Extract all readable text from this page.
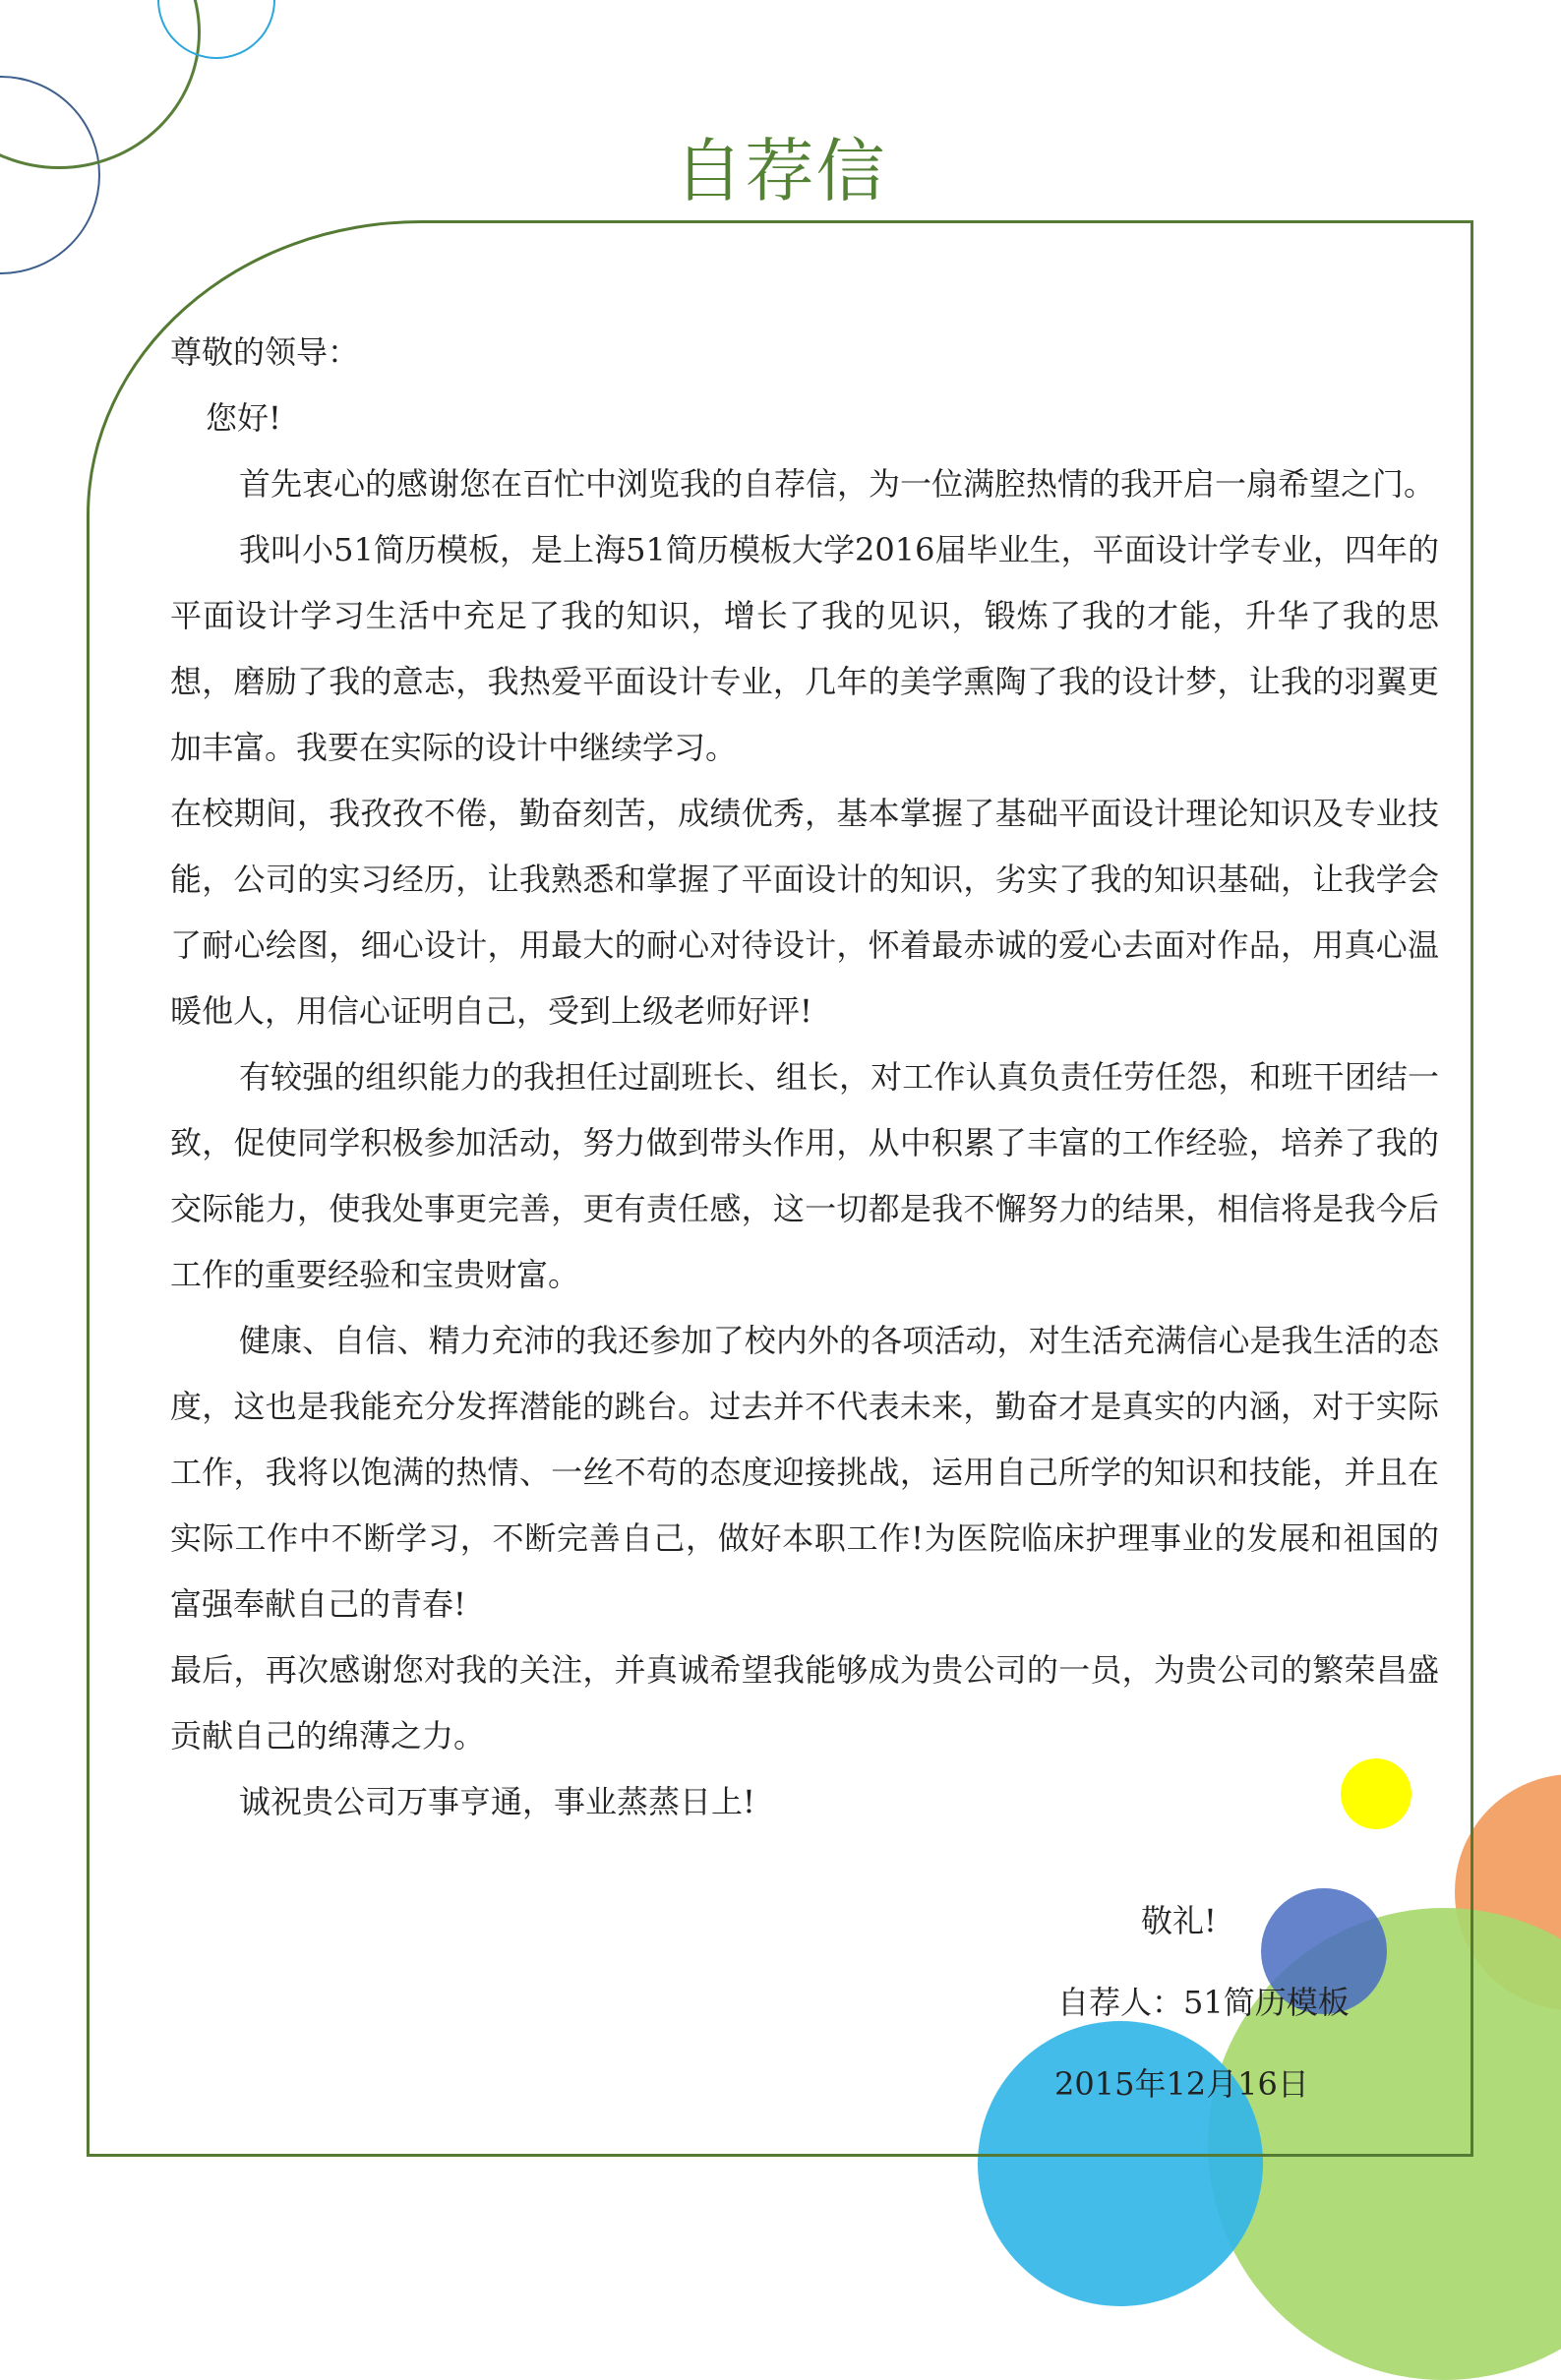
自荐信

尊敬的领导：

您好!

首先衷心的感谢您在百忙中浏览我的自荐信，为一位满腔热情的我开启一扇希望之门。

我叫小51简历模板，是上海51简历模板大学2016届毕业生，平面设计学专业，四年的平面设计学习生活中充足了我的知识，增长了我的见识，锻炼了我的才能，升华了我的思想，磨励了我的意志，我热爱平面设计专业，几年的美学熏陶了我的设计梦，让我的羽翼更加丰富。我要在实际的设计中继续学习。

在校期间，我孜孜不倦，勤奋刻苦，成绩优秀，基本掌握了基础平面设计理论知识及专业技能，公司的实习经历，让我熟悉和掌握了平面设计的知识，劣实了我的知识基础，让我学会了耐心绘图，细心设计，用最大的耐心对待设计，怀着最赤诚的爱心去面对作品，用真心温暖他人，用信心证明自己，受到上级老师好评!

有较强的组织能力的我担任过副班长、组长，对工作认真负责任劳任怨，和班干团结一致，促使同学积极参加活动，努力做到带头作用，从中积累了丰富的工作经验，培养了我的交际能力，使我处事更完善，更有责任感，这一切都是我不懈努力的结果，相信将是我今后工作的重要经验和宝贵财富。

健康、自信、精力充沛的我还参加了校内外的各项活动，对生活充满信心是我生活的态度，这也是我能充分发挥潜能的跳台。过去并不代表未来，勤奋才是真实的内涵，对于实际工作，我将以饱满的热情、一丝不苟的态度迎接挑战，运用自己所学的知识和技能，并且在实际工作中不断学习，不断完善自己，做好本职工作!为医院临床护理事业的发展和祖国的富强奉献自己的青春!

最后，再次感谢您对我的关注，并真诚希望我能够成为贵公司的一员，为贵公司的繁荣昌盛贡献自己的绵薄之力。

诚祝贵公司万事亨通，事业蒸蒸日上!

敬礼!
自荐人：51简历模板
2015年12月16日
